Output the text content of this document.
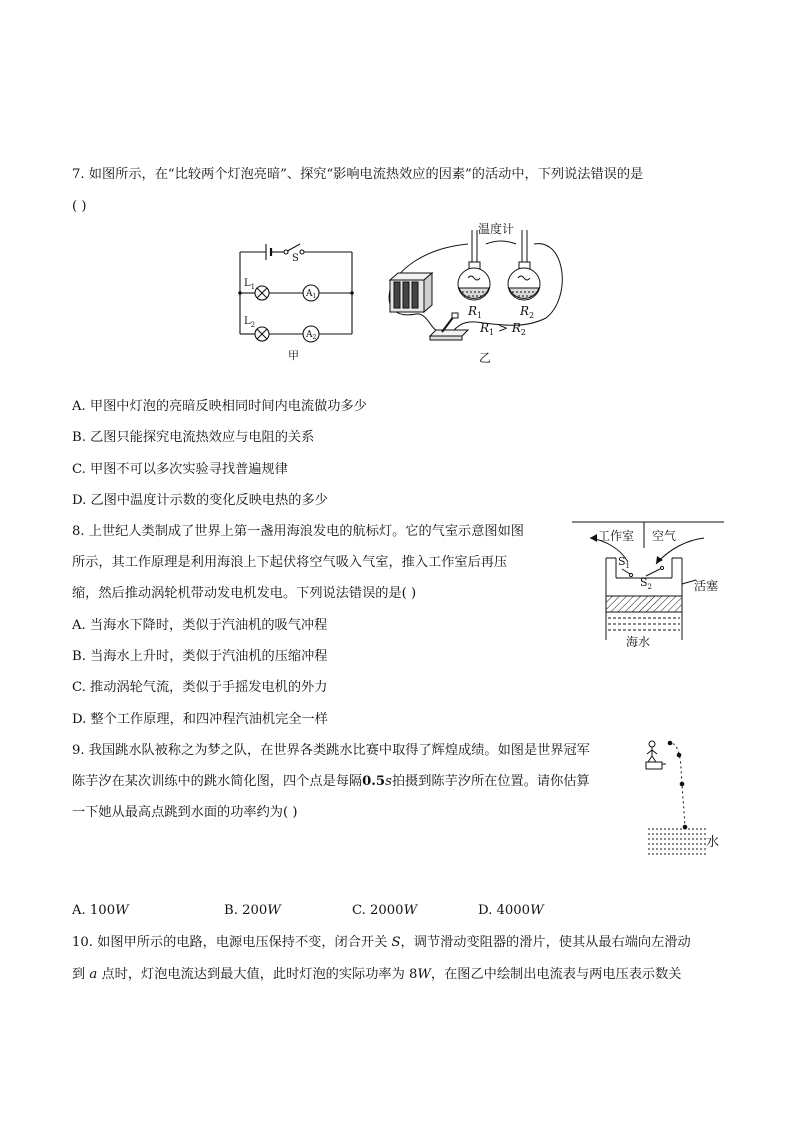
7. 如图所示，在“比较两个灯泡亮暗”、探究“影响电流热效应的因素”的活动中，下列说法错误的是
( )
S
$L_1$
$L_2$
$A_1$
$A_2$
甲
温度计
$R_1$	$R_2$
$R_1 > R_2$
乙
A. 甲图中灯泡的亮暗反映相同时间内电流做功多少
B. 乙图只能探究电流热效应与电阻的关系
C. 甲图不可以多次实验寻找普遍规律
D. 乙图中温度计示数的变化反映电热的多少
8. 上世纪人类制成了世界上第一盏用海浪发电的航标灯。它的气室示意图如图
所示，其工作原理是利用海浪上下起伏将空气吸入气室，推入工作室后再压
缩，然后推动涡轮机带动发电机发电。下列说法错误的是( )
A. 当海水下降时，类似于汽油机的吸气冲程
B. 当海水上升时，类似于汽油机的压缩冲程
C. 推动涡轮气流，类似于手摇发电机的外力
D. 整个工作原理，和四冲程汽油机完全一样
工作室 空气
$S_1$
$S_2$	活塞
海水
9. 我国跳水队被称之为梦之队，在世界各类跳水比赛中取得了辉煌成绩。如图是世界冠军
陈芋汐在某次训练中的跳水简化图，四个点是每隔0.5s拍摄到陈芋汐所在位置。请你估算
一下她从最高点跳到水面的功率约为( )
水
A. 100W	B. 200W	C. 2000W	D. 4000W
10. 如图甲所示的电路，电源电压保持不变，闭合开关 S，调节滑动变阻器的滑片，使其从最右端向左滑动
到 a 点时，灯泡电流达到最大值，此时灯泡的实际功率为 8W，在图乙中绘制出电流表与两电压表示数关
